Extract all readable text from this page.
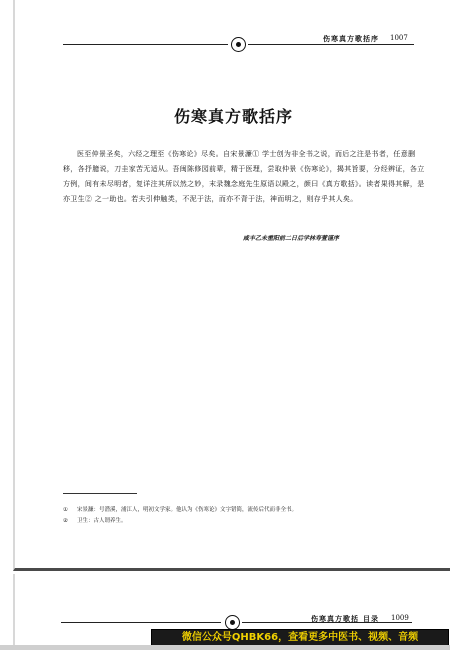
伤寒真方歌括序 1007
伤寒真方歌括序
医至仲景圣矣，六经之理至《伤寒论》尽矣。自宋景濂① 学士创为非全书之说，而后之注是书者，任意删移，各抒臆说，刀圭家苦无适从。吾闽陈修园前辈，精于医理，尝取仲景《伤寒论》，揭其旨要，分经辨证，各立方例，间有未尽明者，复详注其所以然之妙，末录魏念庭先生原语以殿之，颜曰《真方歌括》。读者果得其解，是亦卫生② 之一助也。若夫引伸触类，不泥于法，而亦不背于法，神而明之，则存乎其人矣。
咸丰乙未重阳前二日后学林寿萱谨序
① 宋景濂：号潜溪，浦江人，明初文学家。他认为《伤寒论》文字错简，流传后代而非全书。
② 卫生：古人谓养生。
伤寒真方歌括 目录 1009
微信公众号QHBK66，查看更多中医书、视频、音频
